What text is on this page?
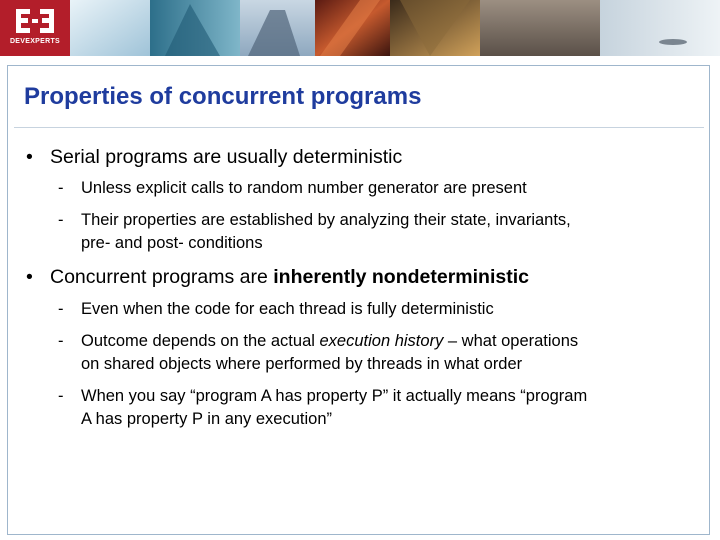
DEVEXPERTS
Properties of concurrent programs
• Serial programs are usually deterministic
- Unless explicit calls to random number generator are present
- Their properties are established by analyzing their state, invariants,
pre- and post- conditions
• Concurrent programs are inherently nondeterministic
- Even when the code for each thread is fully deterministic
- Outcome depends on the actual execution history – what operations
on shared objects where performed by threads in what order
- When you say “program A has property P” it actually means “program
A has property P in any execution”
